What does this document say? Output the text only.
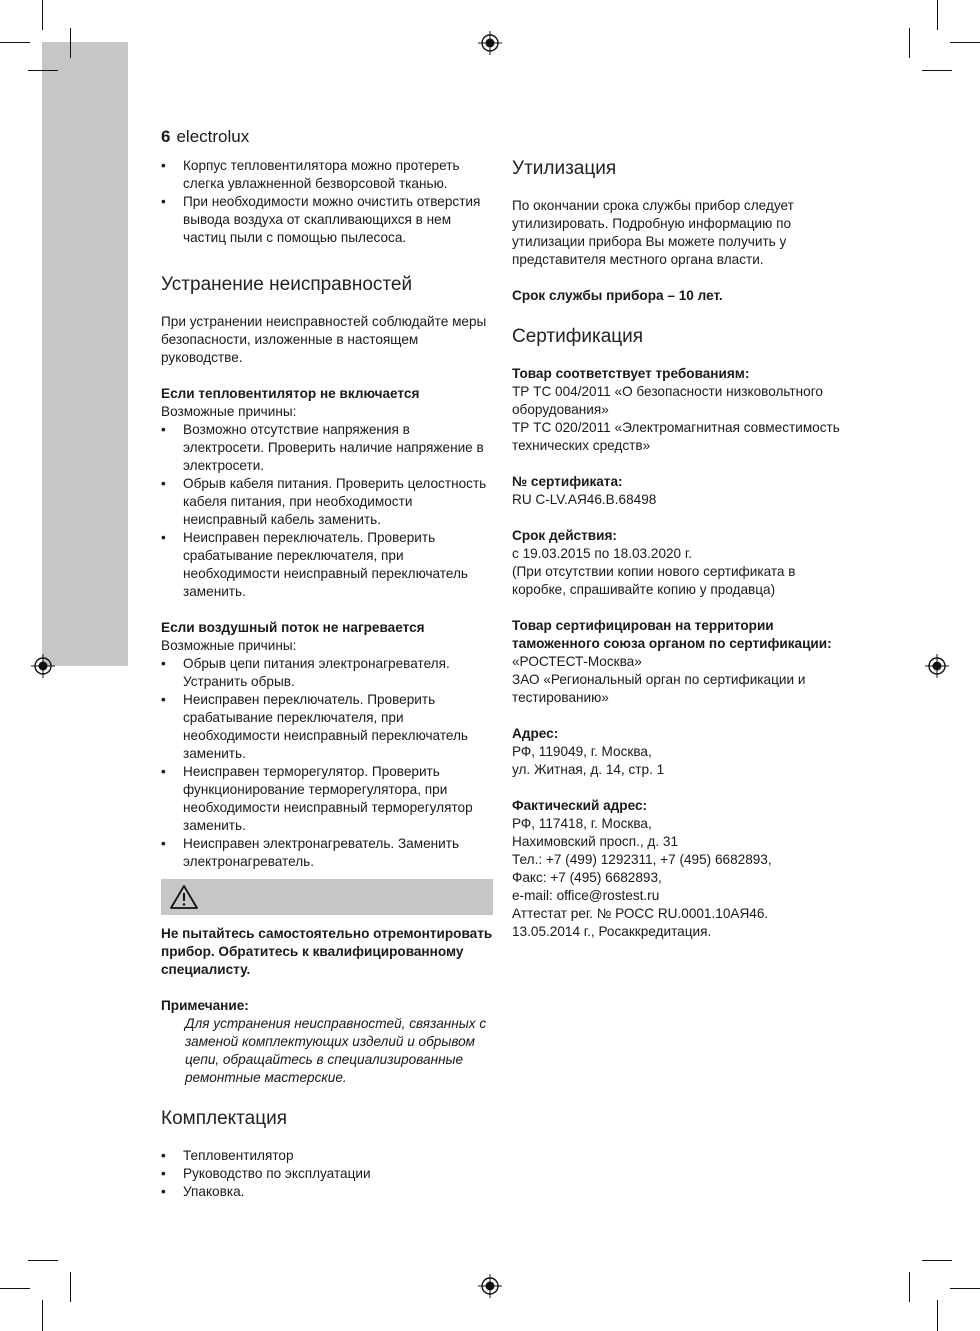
6 electrolux
• Корпус тепловентилятора можно протереть слегка увлажненной безворсовой тканью.
• При необходимости можно очистить отверстия вывода воздуха от скапливающихся в нем частиц пыли с помощью пылесоса.
Устранение неисправностей
При устранении неисправностей соблюдайте меры безопасности, изложенные в настоящем руководстве.
Если тепловентилятор не включается
Возможные причины:
• Возможно отсутствие напряжения в электросети. Проверить наличие напряжение в электросети.
• Обрыв кабеля питания. Проверить целостность кабеля питания, при необходимости неисправный кабель заменить.
• Неисправен переключатель. Проверить срабатывание переключателя, при необходимости неисправный переключатель заменить.
Если воздушный поток не нагревается
Возможные причины:
• Обрыв цепи питания электронагревателя. Устранить обрыв.
• Неисправен переключатель. Проверить срабатывание переключателя, при необходимости неисправный переключатель заменить.
• Неисправен терморегулятор. Проверить функционирование терморегулятора, при необходимости неисправный терморегулятор заменить.
• Неисправен электронагреватель. Заменить электронагреватель.
Не пытайтесь самостоятельно отремонтировать прибор. Обратитесь к квалифицированному специалисту.
Примечание:
Для устранения неисправностей, связанных с заменой комплектующих изделий и обрывом цепи, обращайтесь в специализированные ремонтные мастерские.
Комплектация
• Тепловентилятор
• Руководство по эксплуатации
• Упаковка.
Утилизация
По окончании срока службы прибор следует утилизировать. Подробную информацию по утилизации прибора Вы можете получить у представителя местного органа власти.
Срок службы прибора – 10 лет.
Сертификация
Товар соответствует требованиям:
ТР ТС 004/2011 «О безопасности низковольтного оборудования»
ТР ТС 020/2011 «Электромагнитная совместимость технических средств»
№ сертификата:
RU C-LV.АЯ46.B.68498
Срок действия:
с 19.03.2015 по 18.03.2020 г.
(При отсутствии копии нового сертификата в коробке, спрашивайте копию у продавца)
Товар сертифицирован на территории таможенного союза органом по сертификации:
«РОСТЕСТ-Москва»
ЗАО «Региональный орган по сертификации и тестированию»
Адрес:
РФ, 119049, г. Москва,
ул. Житная, д. 14, стр. 1
Фактический адрес:
РФ, 117418, г. Москва,
Нахимовский просп., д. 31
Тел.: +7 (499) 1292311, +7 (495) 6682893,
Факс: +7 (495) 6682893,
e-mail: office@rostest.ru
Аттестат рег. № РОСС RU.0001.10АЯ46.
13.05.2014 г., Росаккредитация.
